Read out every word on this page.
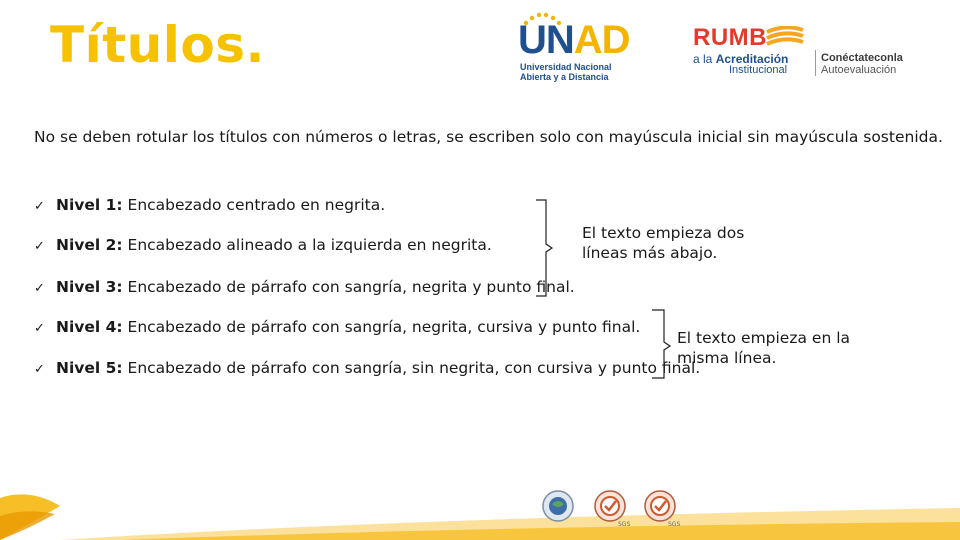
Títulos.	UNAD
Universidad Nacional
Abierta y a Distancia
RUMB
a la Acreditación
Institucional
Conéctateconla
Autoevaluación
No se deben rotular los títulos con números o letras, se escriben solo con mayúscula inicial sin mayúscula sostenida.
✓ Nivel 1: Encabezado centrado en negrita.
✓ Nivel 2: Encabezado alineado a la izquierda en negrita.
✓ Nivel 3: Encabezado de párrafo con sangría, negrita y punto final.
✓ Nivel 4: Encabezado de párrafo con sangría, negrita, cursiva y punto final.
✓ Nivel 5: Encabezado de párrafo con sangría, sin negrita, con cursiva y punto final.
El texto empieza dos
líneas más abajo.
El texto empieza en la
misma línea.
SGS	SGS
